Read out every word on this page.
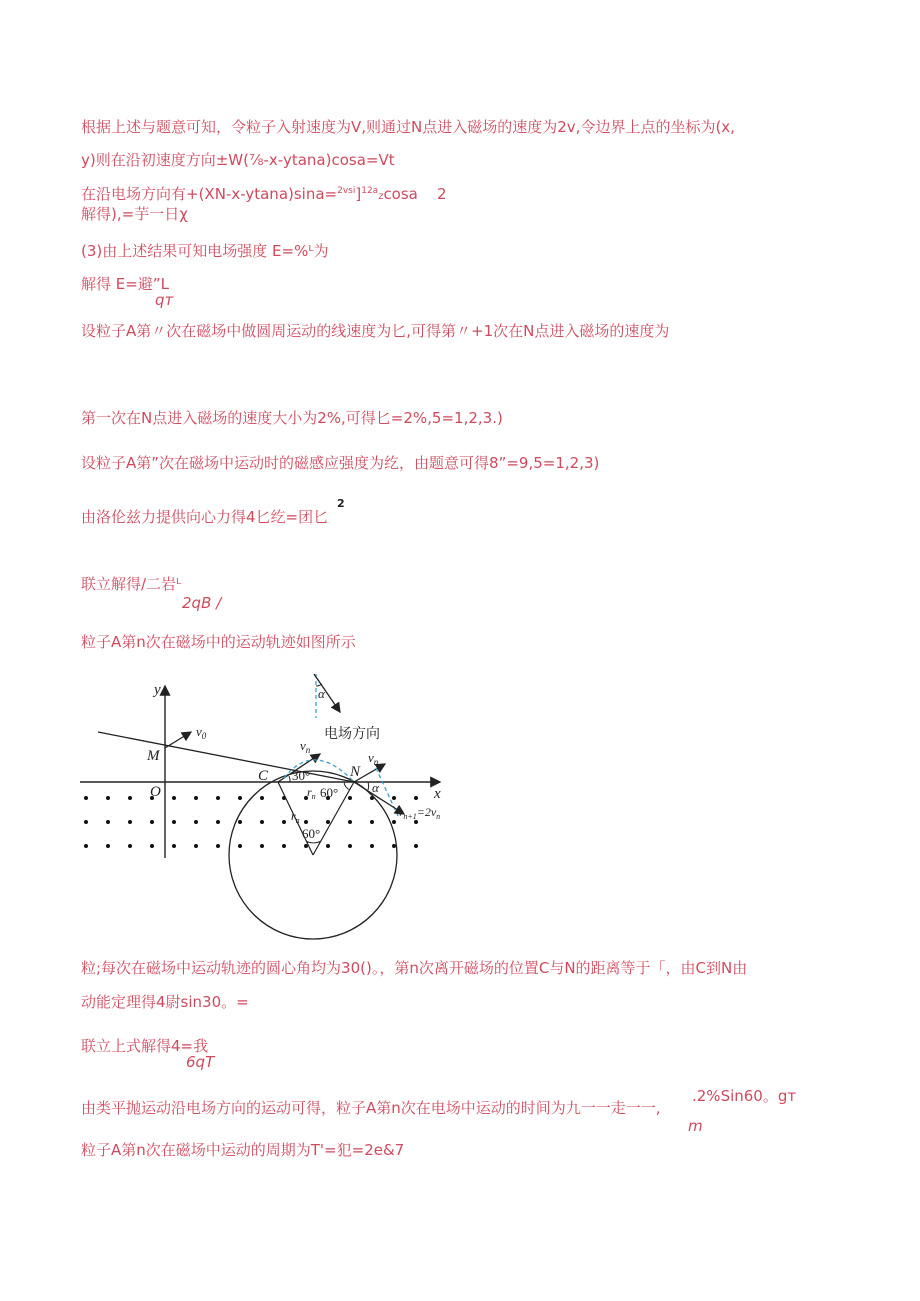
根据上述与题意可知，令粒子入射速度为V,则通过N点进入磁场的速度为2v,令边界上点的坐标为(x,
y)则在沿初速度方向±W(⅞-x-ytana)cosa=Vt
在沿电场方向有+(XN-x-ytana)sina=$^{2vsi}$]$^{12a}$zcosa 2
解得),=芋一日χ
(3)由上述结果可知电场强度 E=%ᴸ为
解得 E=避”L
qт
设粒子A第〃次在磁场中做圆周运动的线速度为匕,可得第〃+1次在N点进入磁场的速度为
第一次在N点进入磁场的速度大小为2%,可得匕=2%,5=1,2,3.)
设粒子A第”次在磁场中运动时的磁感应强度为纥，由题意可得8”=9,5=1,2,3)
由洛伦兹力提供向心力得4匕纥=团匕
2
联立解得/二岩ᴸ
2qB /
粒子A第n次在磁场中的运动轨迹如图所示
y
x
O
M
$v_0$
C	N
30°
$v_n$	$v_n$
$v_{n+1}=2v_n$
α
$r_n$ 60°
$r_n$
60°
α
电场方向
粒;每次在磁场中运动轨迹的圆心角均为30()。，第n次离开磁场的位置C与N的距离等于「，由C到N由
动能定理得4尉sin30。=
联立上式解得4=我
6qT
由类平抛运动沿电场方向的运动可得，粒子A第n次在电场中运动的时间为九一一走一一,
.2%Sin60。gт
m
粒子A第n次在磁场中运动的周期为T'=犯=2e&7
